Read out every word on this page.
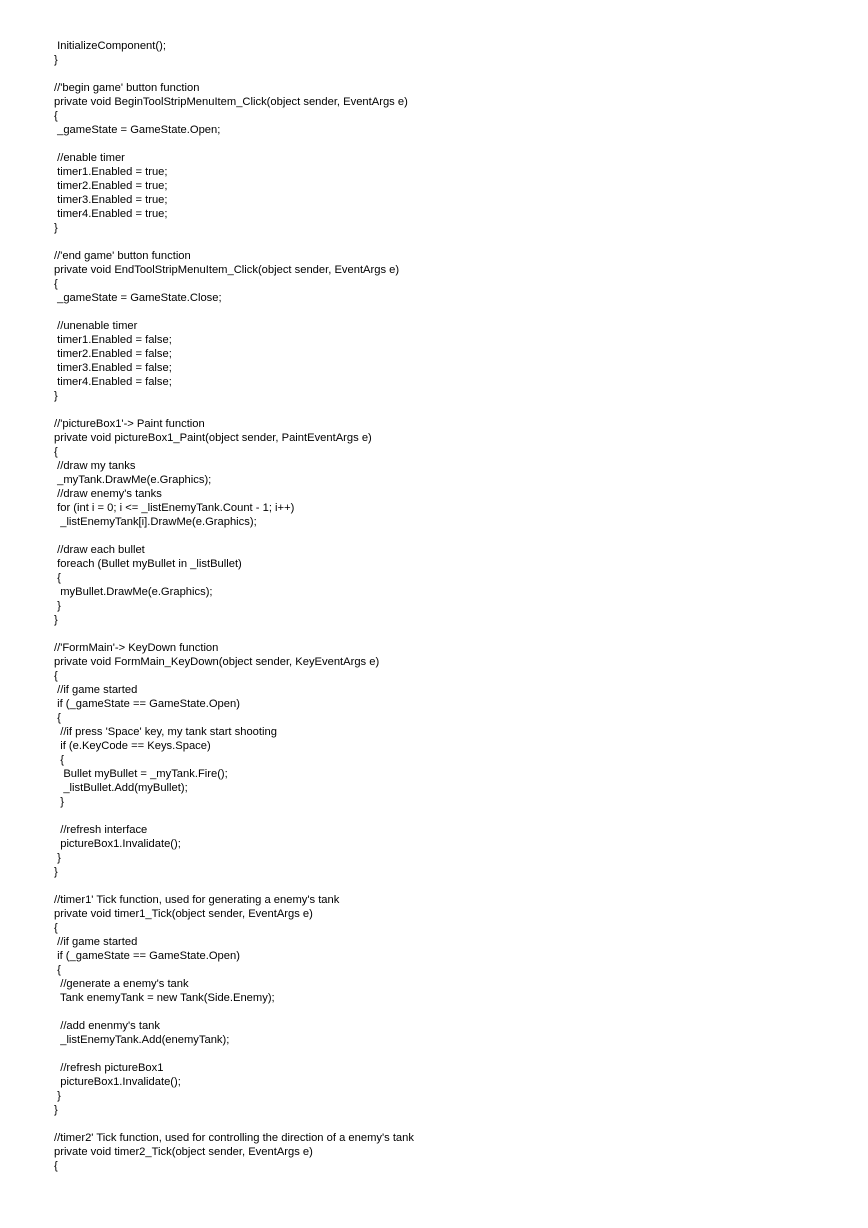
InitializeComponent();
}
//'begin game' button function
private void BeginToolStripMenuItem_Click(object sender, EventArgs e)
{
_gameState = GameState.Open;
//enable timer
timer1.Enabled = true;
timer2.Enabled = true;
timer3.Enabled = true;
timer4.Enabled = true;
}
//'end game' button function
private void EndToolStripMenuItem_Click(object sender, EventArgs e)
{
_gameState = GameState.Close;
//unenable timer
timer1.Enabled = false;
timer2.Enabled = false;
timer3.Enabled = false;
timer4.Enabled = false;
}
//'pictureBox1'-> Paint function
private void pictureBox1_Paint(object sender, PaintEventArgs e)
{
//draw my tanks
_myTank.DrawMe(e.Graphics);
//draw enemy's tanks
for (int i = 0; i <= _listEnemyTank.Count - 1; i++)
_listEnemyTank[i].DrawMe(e.Graphics);
//draw each bullet
foreach (Bullet myBullet in _listBullet)
{
myBullet.DrawMe(e.Graphics);
}
}
//'FormMain'-> KeyDown function
private void FormMain_KeyDown(object sender, KeyEventArgs e)
{
//if game started
if (_gameState == GameState.Open)
{
//if press 'Space' key, my tank start shooting
if (e.KeyCode == Keys.Space)
{
Bullet myBullet = _myTank.Fire();
_listBullet.Add(myBullet);
}
//refresh interface
pictureBox1.Invalidate();
}
}
//timer1' Tick function, used for generating a enemy's tank
private void timer1_Tick(object sender, EventArgs e)
{
//if game started
if (_gameState == GameState.Open)
{
//generate a enemy's tank
Tank enemyTank = new Tank(Side.Enemy);
//add enenmy's tank
_listEnemyTank.Add(enemyTank);
//refresh pictureBox1
pictureBox1.Invalidate();
}
}
//timer2' Tick function, used for controlling the direction of a enemy's tank
private void timer2_Tick(object sender, EventArgs e)
{
